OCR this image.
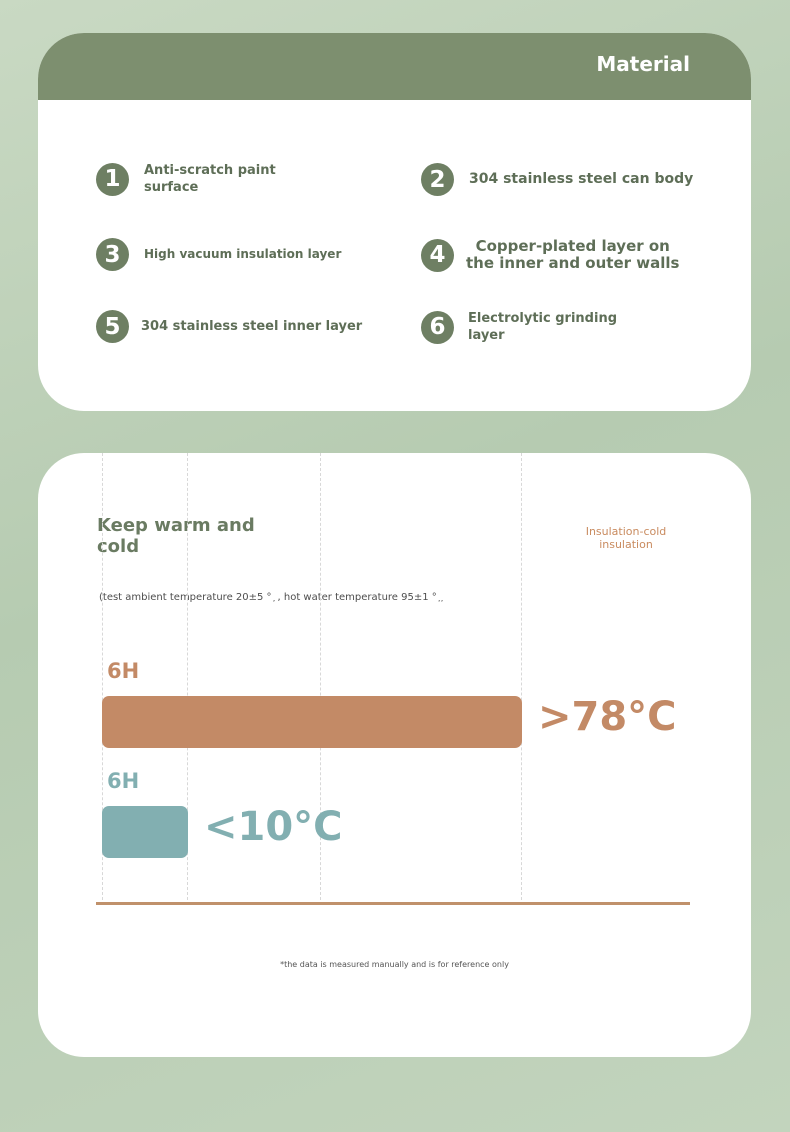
Material
1	Anti-scratch paint
surface	2	304 stainless steel can body
3	High vacuum insulation layer	4	Copper-plated layer on
the inner and outer walls
5	304 stainless steel inner layer	6	Electrolytic grinding
layer
Keep warm and
cold
Insulation-cold
insulation
(test ambient temperature 20±5 ° ᷊ , hot water temperature 95±1 ° ᷊ ᷊
6H
>78°C
6H
<10°C
*the data is measured manually and is for reference only
